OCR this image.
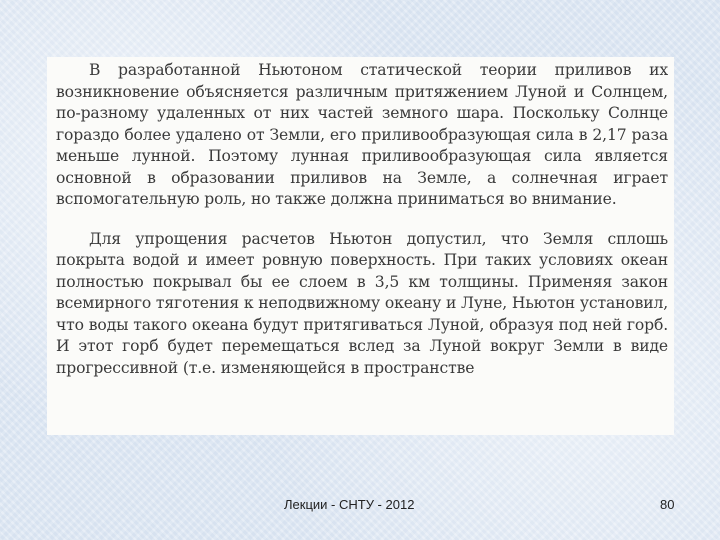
В разработанной Ньютоном статической теории приливов их возникновение объясняется различным притяжением Луной и Солнцем, по-разному удаленных от них частей земного шара. Поскольку Солнце гораздо более удалено от Земли, его приливообразующая сила в 2,17 раза меньше лунной. Поэтому лунная приливообразующая сила является основной в образовании приливов на Земле, а солнечная играет вспомогательную роль, но также должна приниматься во внимание.

Для упрощения расчетов Ньютон допустил, что Земля сплошь покрыта водой и имеет ровную поверхность. При таких условиях океан полностью покрывал бы ее слоем в 3,5 км толщины. Применяя закон всемирного тяготения к неподвижному океану и Луне, Ньютон установил, что воды такого океана будут притягиваться Луной, образуя под ней горб. И этот горб будет перемещаться вслед за Луной вокруг Земли в виде прогрессивной (т.е. изменяющейся в пространстве

Лекции - СНТУ - 2012	80
